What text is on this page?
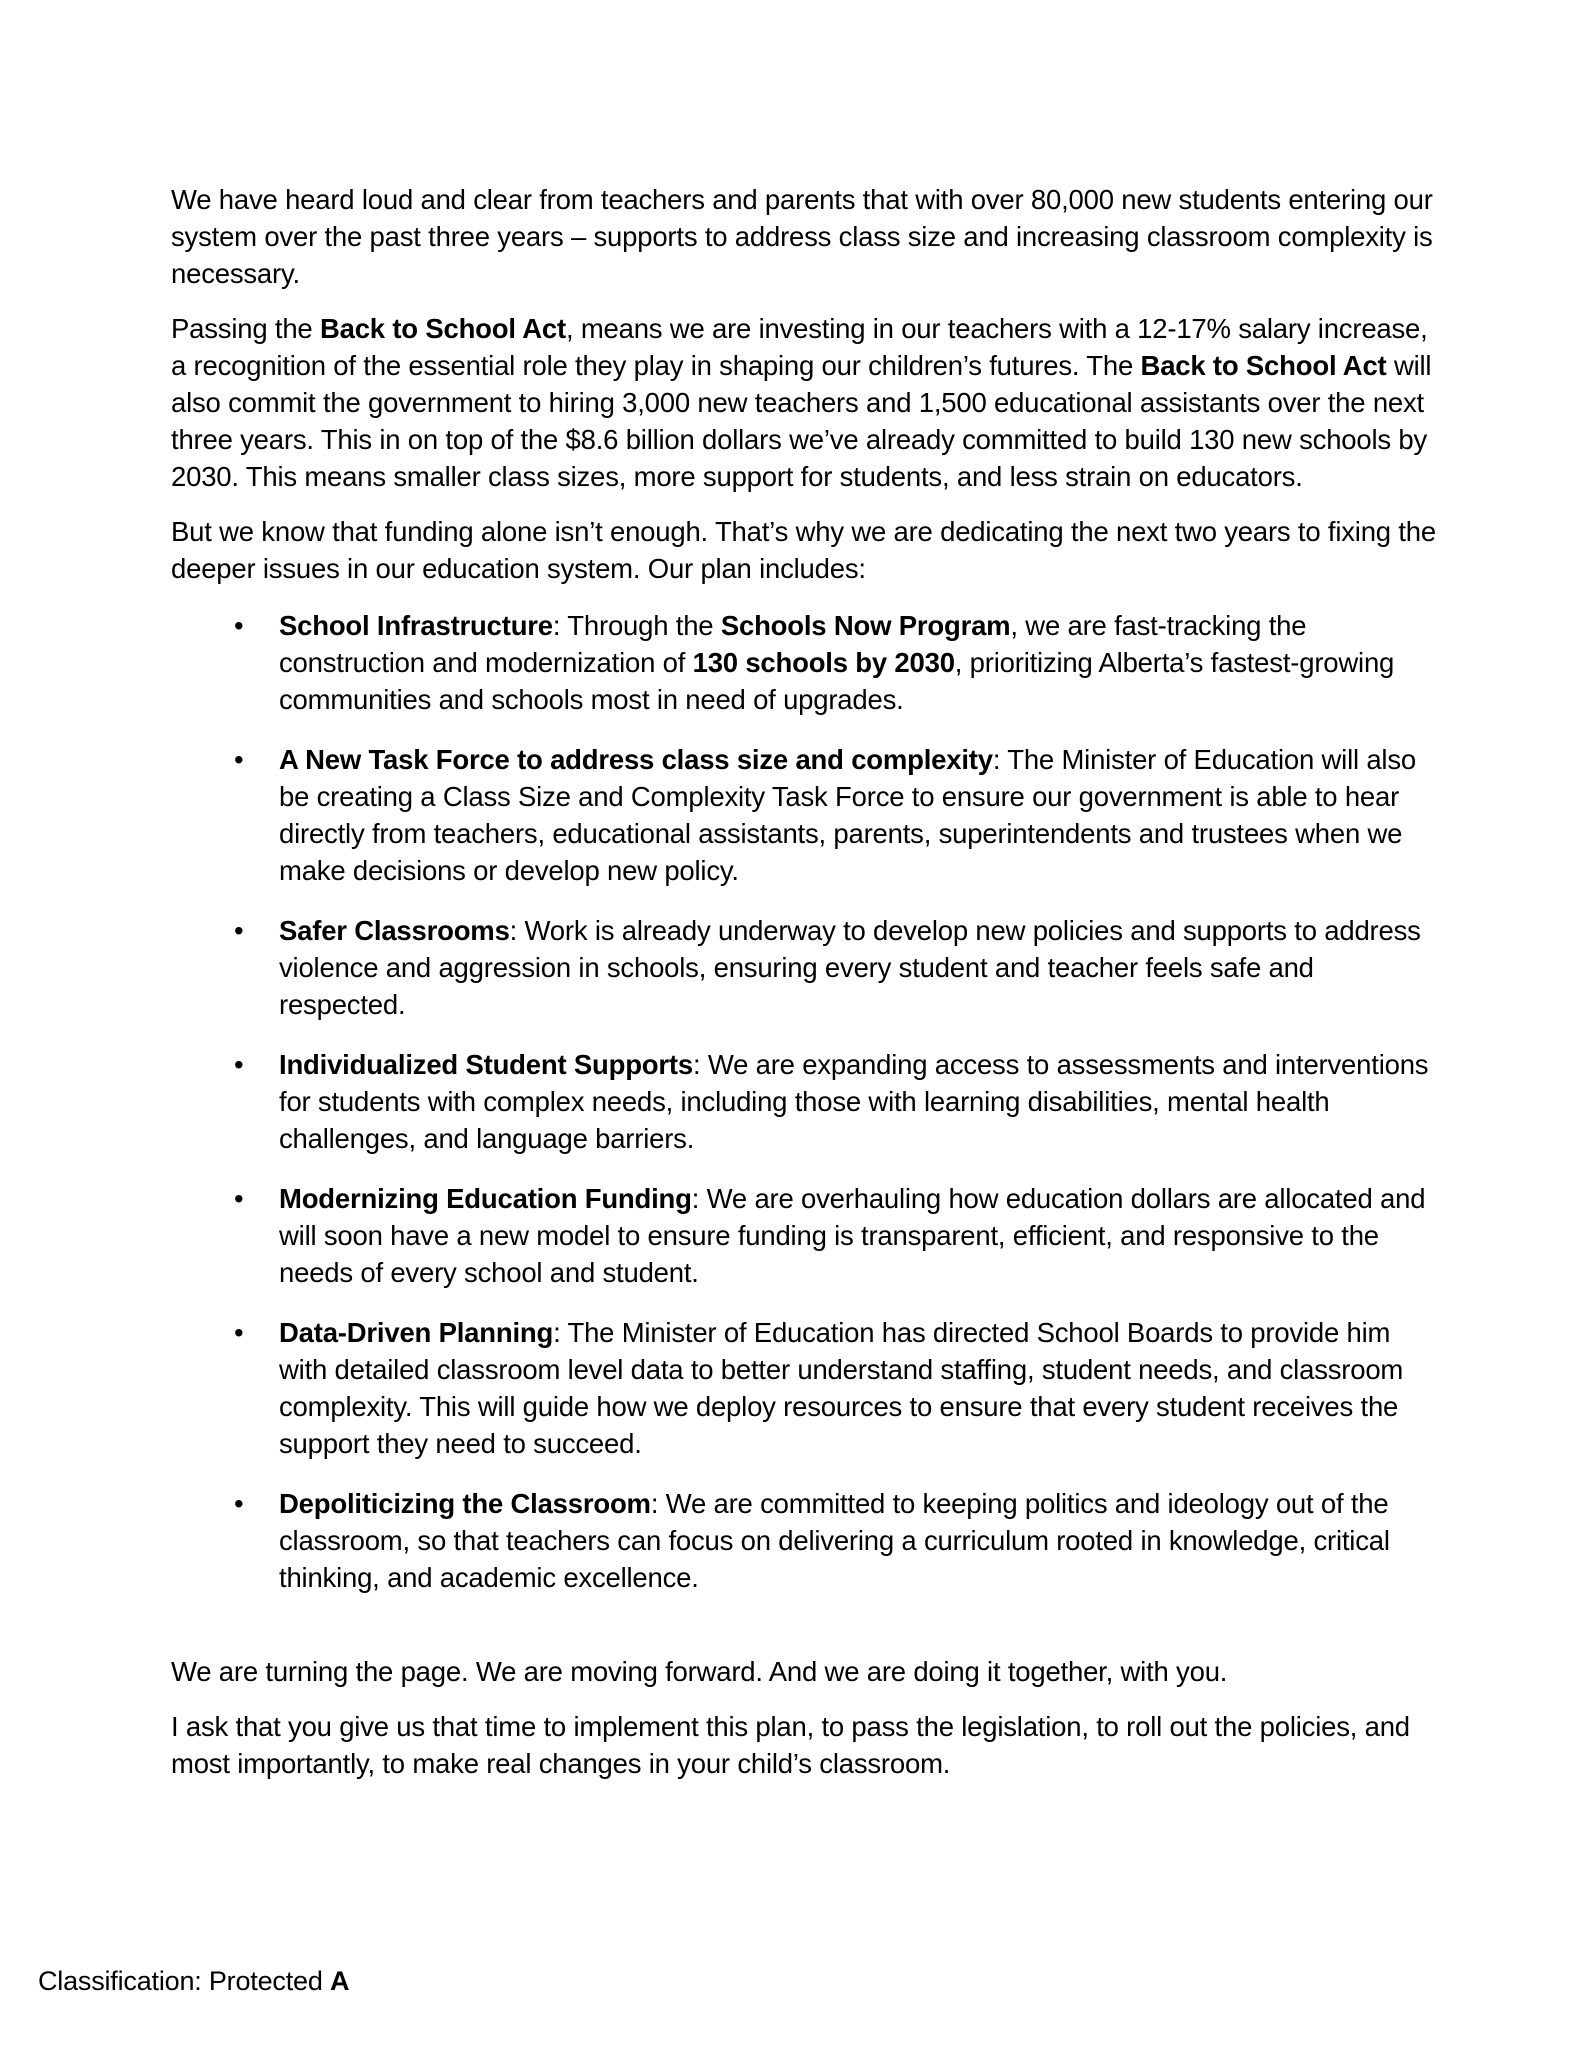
We have heard loud and clear from teachers and parents that with over 80,000 new students entering our system over the past three years – supports to address class size and increasing classroom complexity is necessary.

Passing the Back to School Act, means we are investing in our teachers with a 12-17% salary increase, a recognition of the essential role they play in shaping our children’s futures. The Back to School Act will also commit the government to hiring 3,000 new teachers and 1,500 educational assistants over the next three years. This in on top of the $8.6 billion dollars we’ve already committed to build 130 new schools by 2030. This means smaller class sizes, more support for students, and less strain on educators.

But we know that funding alone isn’t enough. That’s why we are dedicating the next two years to fixing the deeper issues in our education system. Our plan includes:

• School Infrastructure: Through the Schools Now Program, we are fast-tracking the construction and modernization of 130 schools by 2030, prioritizing Alberta’s fastest-growing communities and schools most in need of upgrades.
• A New Task Force to address class size and complexity: The Minister of Education will also be creating a Class Size and Complexity Task Force to ensure our government is able to hear directly from teachers, educational assistants, parents, superintendents and trustees when we make decisions or develop new policy.
• Safer Classrooms: Work is already underway to develop new policies and supports to address violence and aggression in schools, ensuring every student and teacher feels safe and respected.
• Individualized Student Supports: We are expanding access to assessments and interventions for students with complex needs, including those with learning disabilities, mental health challenges, and language barriers.
• Modernizing Education Funding: We are overhauling how education dollars are allocated and will soon have a new model to ensure funding is transparent, efficient, and responsive to the needs of every school and student.
• Data-Driven Planning: The Minister of Education has directed School Boards to provide him with detailed classroom level data to better understand staffing, student needs, and classroom complexity. This will guide how we deploy resources to ensure that every student receives the support they need to succeed.
• Depoliticizing the Classroom: We are committed to keeping politics and ideology out of the classroom, so that teachers can focus on delivering a curriculum rooted in knowledge, critical thinking, and academic excellence.

We are turning the page. We are moving forward. And we are doing it together, with you.

I ask that you give us that time to implement this plan, to pass the legislation, to roll out the policies, and most importantly, to make real changes in your child’s classroom.

Classification: Protected A
